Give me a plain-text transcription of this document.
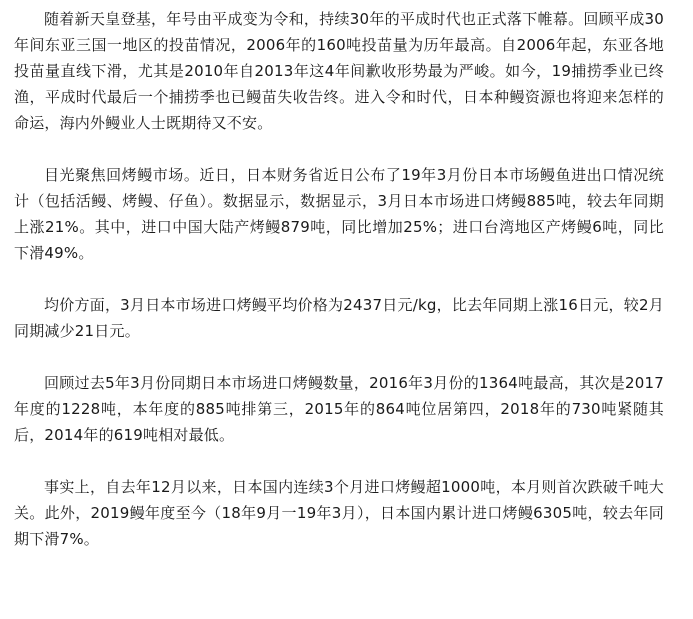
随着新天皇登基，年号由平成变为令和，持续30年的平成时代也正式落下帷幕。回顾平成30年间东亚三国一地区的投苗情况，2006年的160吨投苗量为历年最高。自2006年起，东亚各地投苗量直线下滑，尤其是2010年自2013年这4年间歉收形势最为严峻。如今，19捕捞季业已终渔，平成时代最后一个捕捞季也已鳗苗失收告终。进入令和时代，日本种鳗资源也将迎来怎样的命运，海内外鳗业人士既期待又不安。

目光聚焦回烤鳗市场。近日，日本财务省近日公布了19年3月份日本市场鳗鱼进出口情况统计（包括活鳗、烤鳗、仔鱼）。数据显示，数据显示，3月日本市场进口烤鳗885吨，较去年同期上涨21%。其中，进口中国大陆产烤鳗879吨，同比增加25%；进口台湾地区产烤鳗6吨，同比下滑49%。

均价方面，3月日本市场进口烤鳗平均价格为2437日元/kg，比去年同期上涨16日元，较2月同期减少21日元。

回顾过去5年3月份同期日本市场进口烤鳗数量，2016年3月份的1364吨最高，其次是2017年度的1228吨，本年度的885吨排第三，2015年的864吨位居第四，2018年的730吨紧随其后，2014年的619吨相对最低。

事实上，自去年12月以来，日本国内连续3个月进口烤鳗超1000吨，本月则首次跌破千吨大关。此外，2019鳗年度至今（18年9月一19年3月），日本国内累计进口烤鳗6305吨，较去年同期下滑7%。
